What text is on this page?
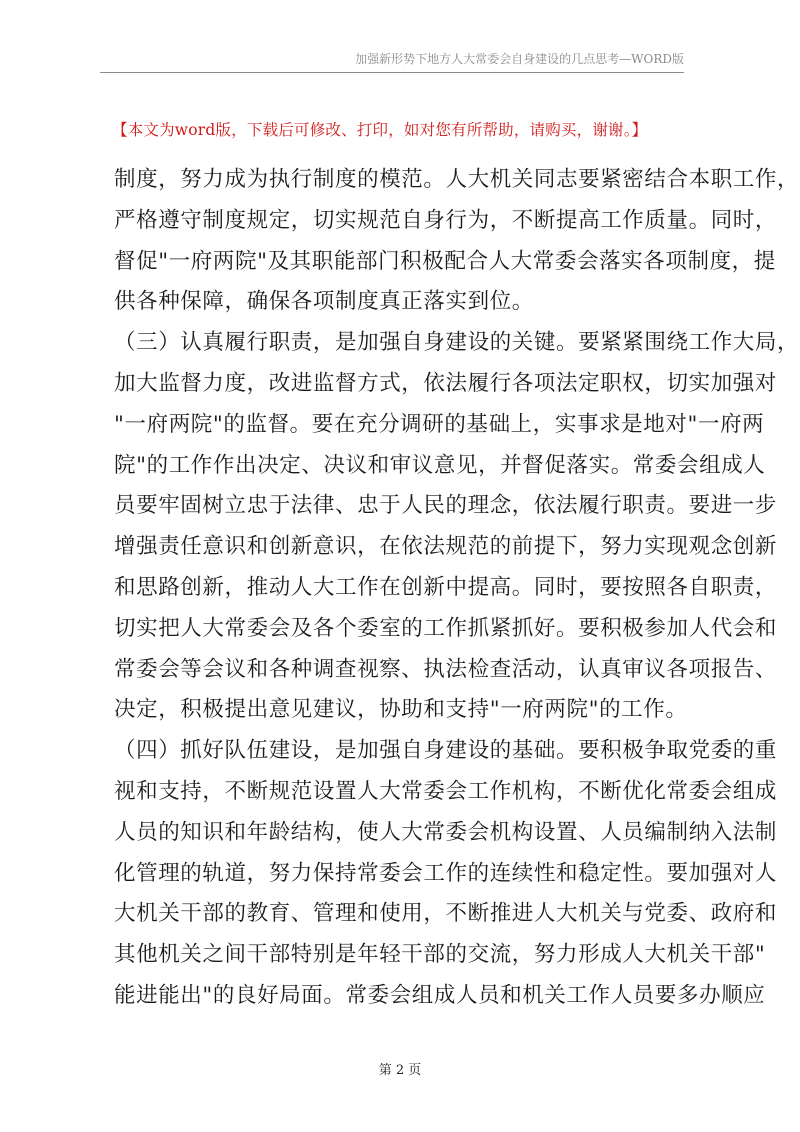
加强新形势下地方人大常委会自身建设的几点思考—WORD版
【本文为word版，下载后可修改、打印，如对您有所帮助，请购买，谢谢。】
制度，努力成为执行制度的模范。人大机关同志要紧密结合本职工作，
严格遵守制度规定，切实规范自身行为，不断提高工作质量。同时，
督促"一府两院"及其职能部门积极配合人大常委会落实各项制度，提
供各种保障，确保各项制度真正落实到位。
（三）认真履行职责，是加强自身建设的关键。要紧紧围绕工作大局，
加大监督力度，改进监督方式，依法履行各项法定职权，切实加强对
"一府两院"的监督。要在充分调研的基础上，实事求是地对"一府两
院"的工作作出决定、决议和审议意见，并督促落实。常委会组成人
员要牢固树立忠于法律、忠于人民的理念，依法履行职责。要进一步
增强责任意识和创新意识，在依法规范的前提下，努力实现观念创新
和思路创新，推动人大工作在创新中提高。同时，要按照各自职责，
切实把人大常委会及各个委室的工作抓紧抓好。要积极参加人代会和
常委会等会议和各种调查视察、执法检查活动，认真审议各项报告、
决定，积极提出意见建议，协助和支持"一府两院"的工作。
（四）抓好队伍建设，是加强自身建设的基础。要积极争取党委的重
视和支持，不断规范设置人大常委会工作机构，不断优化常委会组成
人员的知识和年龄结构，使人大常委会机构设置、人员编制纳入法制
化管理的轨道，努力保持常委会工作的连续性和稳定性。要加强对人
大机关干部的教育、管理和使用，不断推进人大机关与党委、政府和
其他机关之间干部特别是年轻干部的交流，努力形成人大机关干部"
能进能出"的良好局面。常委会组成人员和机关工作人员要多办顺应
第 2 页
